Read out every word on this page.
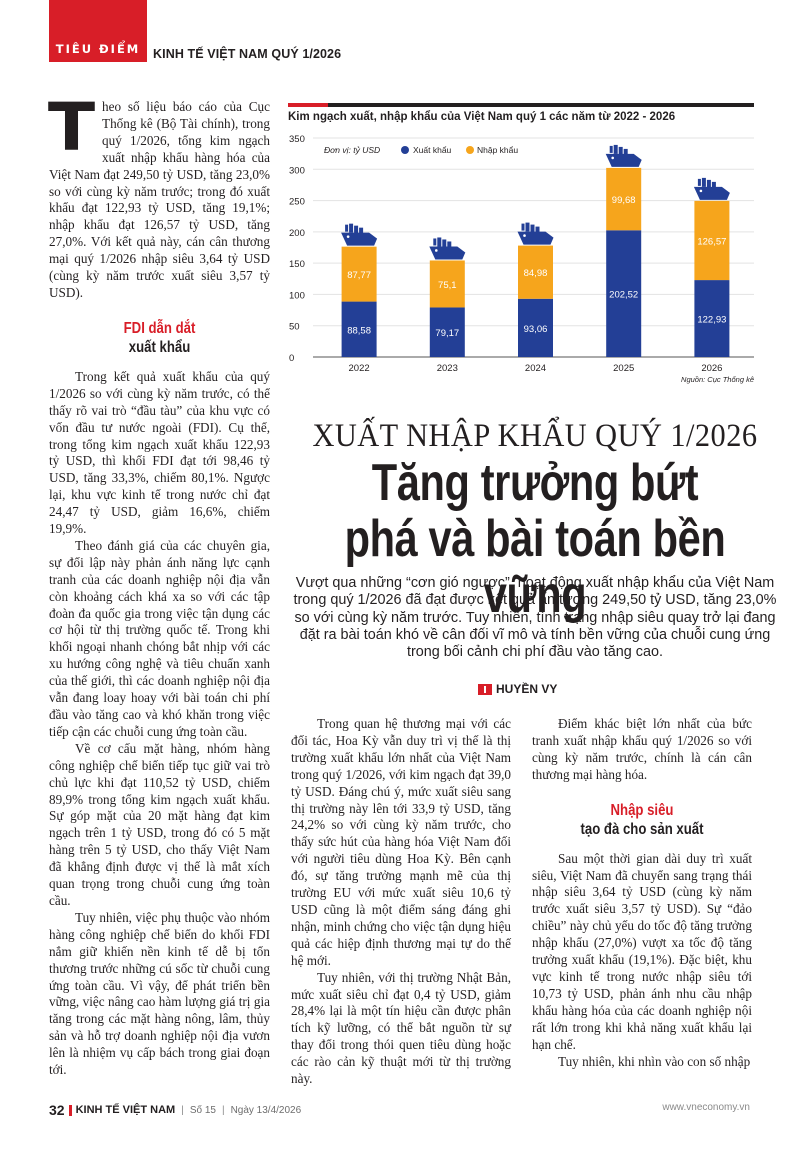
TIÊU ĐIỂM	KINH TẾ VIỆT NAM QUÝ 1/2026

Theo số liệu báo cáo của Cục Thống kê (Bộ Tài chính), trong quý 1/2026, tổng kim ngạch xuất nhập khẩu hàng hóa của Việt Nam đạt 249,50 tỷ USD, tăng 23,0% so với cùng kỳ năm trước; trong đó xuất khẩu đạt 122,93 tỷ USD, tăng 19,1%; nhập khẩu đạt 126,57 tỷ USD, tăng 27,0%. Với kết quả này, cán cân thương mại quý 1/2026 nhập siêu 3,64 tỷ USD (cùng kỳ năm trước xuất siêu 3,57 tỷ USD).

FDI dẫn dắt
xuất khẩu

Trong kết quả xuất khẩu của quý 1/2026 so với cùng kỳ năm trước, có thể thấy rõ vai trò “đầu tàu” của khu vực có vốn đầu tư nước ngoài (FDI). Cụ thể, trong tổng kim ngạch xuất khẩu 122,93 tỷ USD, thì khối FDI đạt tới 98,46 tỷ USD, tăng 33,3%, chiếm 80,1%. Ngược lại, khu vực kinh tế trong nước chỉ đạt 24,47 tỷ USD, giảm 16,6%, chiếm 19,9%.

Theo đánh giá của các chuyên gia, sự đối lập này phản ánh năng lực cạnh tranh của các doanh nghiệp nội địa vẫn còn khoảng cách khá xa so với các tập đoàn đa quốc gia trong việc tận dụng các cơ hội từ thị trường quốc tế. Trong khi khối ngoại nhanh chóng bắt nhịp với các xu hướng công nghệ và tiêu chuẩn xanh của thế giới, thì các doanh nghiệp nội địa vẫn đang loay hoay với bài toán chi phí đầu vào tăng cao và khó khăn trong việc tiếp cận các chuỗi cung ứng toàn cầu.

Về cơ cấu mặt hàng, nhóm hàng công nghiệp chế biến tiếp tục giữ vai trò chủ lực khi đạt 110,52 tỷ USD, chiếm 89,9% trong tổng kim ngạch xuất khẩu. Sự góp mặt của 20 mặt hàng đạt kim ngạch trên 1 tỷ USD, trong đó có 5 mặt hàng trên 5 tỷ USD, cho thấy Việt Nam đã khẳng định được vị thế là mắt xích quan trọng trong chuỗi cung ứng toàn cầu.

Tuy nhiên, việc phụ thuộc vào nhóm hàng công nghiệp chế biến do khối FDI nắm giữ khiến nền kinh tế dễ bị tổn thương trước những cú sốc từ chuỗi cung ứng toàn cầu. Vì vậy, để phát triển bền vững, việc nâng cao hàm lượng giá trị gia tăng trong các mặt hàng nông, lâm, thủy sản và hỗ trợ doanh nghiệp nội địa vươn lên là nhiệm vụ cấp bách trong giai đoạn tới.

Kim ngạch xuất, nhập khẩu của Việt Nam quý 1 các năm từ 2022 - 2026
0
50
100
150
200
250
300
350
Đơn vị: tỷ USD	Xuất khẩu	Nhập khẩu
88,58
87,77
2022
79,17
75,1
2023
93,06
84,98
2024
202,52
99,68
2025
122,93
126,57
2026
Nguồn: Cục Thống kê
XUẤT NHẬP KHẨU QUÝ 1/2026
Tăng trưởng bứt phá và bài toán bền vững
Vượt qua những “cơn gió ngược”, hoạt động xuất nhập khẩu của Việt Nam trong quý 1/2026 đã đạt được kết quả ấn tượng 249,50 tỷ USD, tăng 23,0% so với cùng kỳ năm trước. Tuy nhiên, tình trạng nhập siêu quay trở lại đang đặt ra bài toán khó về cân đối vĩ mô và tính bền vững của chuỗi cung ứng trong bối cảnh chi phí đầu vào tăng cao.
HUYỀN VY

Trong quan hệ thương mại với các đối tác, Hoa Kỳ vẫn duy trì vị thế là thị trường xuất khẩu lớn nhất của Việt Nam trong quý 1/2026, với kim ngạch đạt 39,0 tỷ USD. Đáng chú ý, mức xuất siêu sang thị trường này lên tới 33,9 tỷ USD, tăng 24,2% so với cùng kỳ năm trước, cho thấy sức hút của hàng hóa Việt Nam đối với người tiêu dùng Hoa Kỳ. Bên cạnh đó, sự tăng trưởng mạnh mẽ của thị trường EU với mức xuất siêu 10,6 tỷ USD cũng là một điểm sáng đáng ghi nhận, minh chứng cho việc tận dụng hiệu quả các hiệp định thương mại tự do thế hệ mới.

Tuy nhiên, với thị trường Nhật Bản, mức xuất siêu chỉ đạt 0,4 tỷ USD, giảm 28,4% lại là một tín hiệu cần được phân tích kỹ lưỡng, có thể bắt nguồn từ sự thay đổi trong thói quen tiêu dùng hoặc các rào cản kỹ thuật mới từ thị trường này.

Điểm khác biệt lớn nhất của bức tranh xuất nhập khẩu quý 1/2026 so với cùng kỳ năm trước, chính là cán cân thương mại hàng hóa.

Nhập siêu
tạo đà cho sản xuất

Sau một thời gian dài duy trì xuất siêu, Việt Nam đã chuyển sang trạng thái nhập siêu 3,64 tỷ USD (cùng kỳ năm trước xuất siêu 3,57 tỷ USD). Sự “đảo chiều” này chủ yếu do tốc độ tăng trưởng nhập khẩu (27,0%) vượt xa tốc độ tăng trưởng xuất khẩu (19,1%). Đặc biệt, khu vực kinh tế trong nước nhập siêu tới 10,73 tỷ USD, phản ánh nhu cầu nhập khẩu hàng hóa của các doanh nghiệp nội rất lớn trong khi khả năng xuất khẩu lại hạn chế.

Tuy nhiên, khi nhìn vào con số nhập

32 KINH TẾ VIỆT NAM | Số 15 | Ngày 13/4/2026	www.vneconomy.vn
